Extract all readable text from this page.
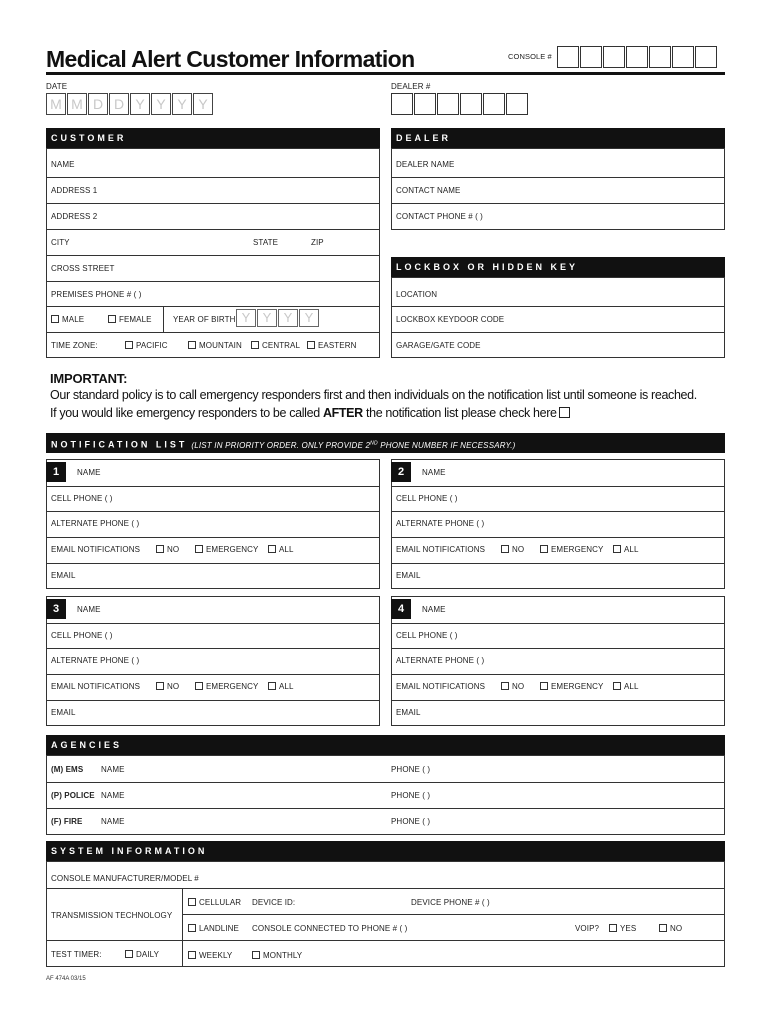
Medical Alert Customer Information	CONSOLE #
DATE
M M D D Y Y Y Y
DEALER #
CUSTOMER
NAME
ADDRESS 1
ADDRESS 2
CITY	STATE	ZIP
CROSS STREET
PREMISES PHONE # ( )
MALE	FEMALE	YEAR OF BIRTH Y Y Y Y
TIME ZONE:	PACIFIC	MOUNTAIN	CENTRAL	EASTERN
DEALER
DEALER NAME
CONTACT NAME
CONTACT PHONE # ( )
LOCKBOX OR HIDDEN KEY
LOCATION
LOCKBOX KEYDOOR CODE
GARAGE/GATE CODE
IMPORTANT:
Our standard policy is to call emergency responders first and then individuals on the notification list until someone is reached.
If you would like emergency responders to be called AFTER the notification list please check here
NOTIFICATION LIST (LIST IN PRIORITY ORDER. ONLY PROVIDE 2ND PHONE NUMBER IF NECESSARY.)
1	NAME
CELL PHONE ( )
ALTERNATE PHONE ( )
EMAIL NOTIFICATIONS	NO	EMERGENCY	ALL
EMAIL
2	NAME
CELL PHONE ( )
ALTERNATE PHONE ( )
EMAIL NOTIFICATIONS	NO	EMERGENCY	ALL
EMAIL
3	NAME
CELL PHONE ( )
ALTERNATE PHONE ( )
EMAIL NOTIFICATIONS	NO	EMERGENCY	ALL
EMAIL
4	NAME
CELL PHONE ( )
ALTERNATE PHONE ( )
EMAIL NOTIFICATIONS	NO	EMERGENCY	ALL
EMAIL
AGENCIES
(M) EMS NAME	PHONE ( )
(P) POLICE NAME	PHONE ( )
(F) FIRE NAME	PHONE ( )
SYSTEM INFORMATION
CONSOLE MANUFACTURER/MODEL #
TRANSMISSION TECHNOLOGY
CELLULAR DEVICE ID:	DEVICE PHONE # ( )
LANDLINE CONSOLE CONNECTED TO PHONE # ( )	VOIP?	YES	NO
TEST TIMER:	DAILY	WEEKLY	MONTHLY
AF 474A 03/15
